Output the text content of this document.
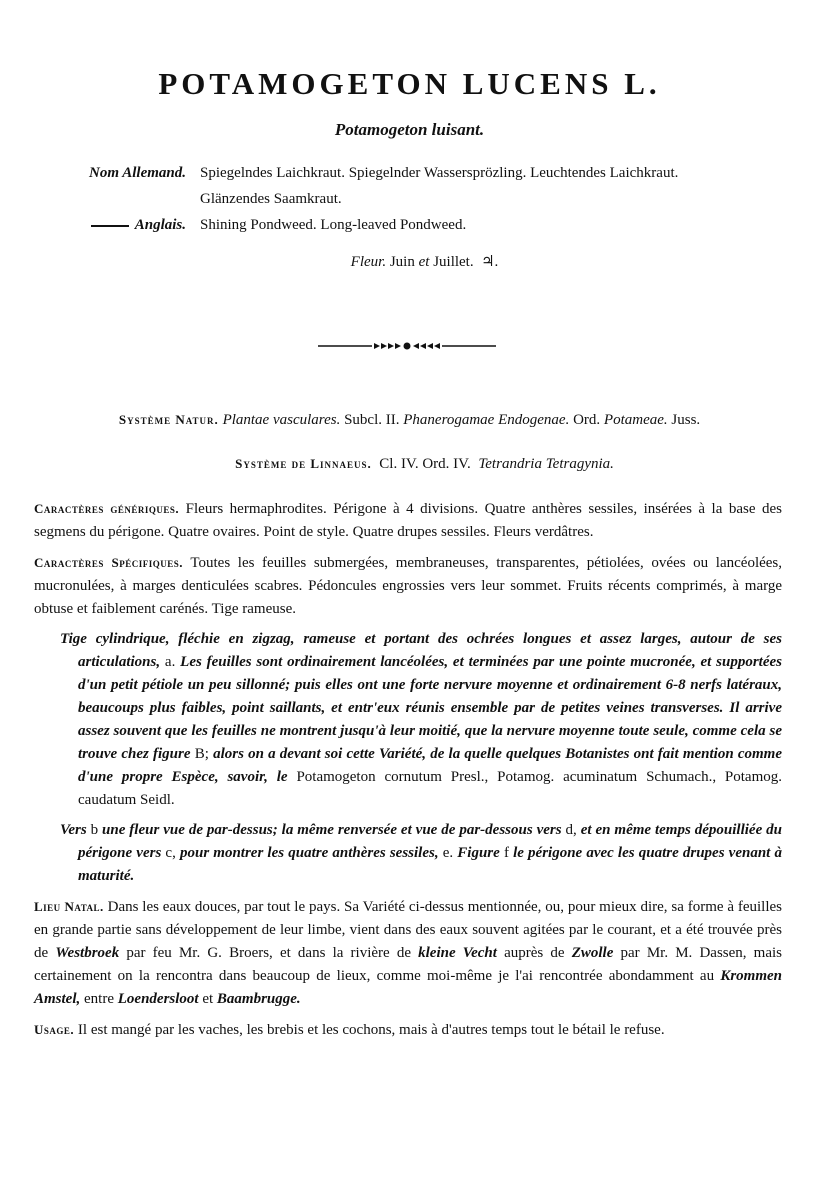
POTAMOGETON LUCENS L.
Potamogeton luisant.
Nom Allemand. Spiegelndes Laichkraut. Spiegelnder Wassersprözling. Leuchtendes Laichkraut.
Glänzendes Saamkraut.
Anglais. Shining Pondweed. Long-leaved Pondweed.
Fleur. Juin et Juillet. ♃.
Système Natur. Plantae vasculares. Subcl. II. Phanerogamae Endogenae. Ord. Potameae. Juss.
Système de Linnaeus. Cl. IV. Ord. IV. Tetrandria Tetragynia.

Caractères génériques. Fleurs hermaphrodites. Périgone à 4 divisions. Quatre anthères sessiles, insérées à la base des segmens du périgone. Quatre ovaires. Point de style. Quatre drupes sessiles. Fleurs verdâtres.

Caractères Spécifiques. Toutes les feuilles submergées, membraneuses, transparentes, pétiolées, ovées ou lancéolées, mucronulées, à marges denticulées scabres. Pédoncules engrossies vers leur sommet. Fruits récents comprimés, à marge obtuse et faiblement carénés. Tige rameuse.

Tige cylindrique, fléchie en zigzag, rameuse et portant des ochrées longues et assez larges, autour de ses articulations, a. Les feuilles sont ordinairement lancéolées, et terminées par une pointe mucronée, et supportées d'un petit pétiole un peu sillonné; puis elles ont une forte nervure moyenne et ordinairement 6-8 nerfs latéraux, beaucoups plus faibles, point saillants, et entr'eux réunis ensemble par de petites veines transverses. Il arrive assez souvent que les feuilles ne montrent jusqu'à leur moitié, que la nervure moyenne toute seule, comme cela se trouve chez figure B; alors on a devant soi cette Variété, de la quelle quelques Botanistes ont fait mention comme d'une propre Espèce, savoir, le Potamogeton cornutum Presl., Potamog. acuminatum Schumach., Potamog. caudatum Seidl.

Vers b une fleur vue de par-dessus; la même renversée et vue de par-dessous vers d, et en même temps dépouilliée du périgone vers c, pour montrer les quatre anthères sessiles, e. Figure f le périgone avec les quatre drupes venant à maturité.

Lieu Natal. Dans les eaux douces, par tout le pays. Sa Variété ci-dessus mentionnée, ou, pour mieux dire, sa forme à feuilles en grande partie sans développement de leur limbe, vient dans des eaux souvent agitées par le courant, et a été trouvée près de Westbroek par feu Mr. G. Broers, et dans la rivière de kleine Vecht auprès de Zwolle par Mr. M. Dassen, mais certainement on la rencontra dans beaucoup de lieux, comme moi-même je l'ai rencontrée abondamment au Krommen Amstel, entre Loendersloot et Baambrugge.

Usage. Il est mangé par les vaches, les brebis et les cochons, mais à d'autres temps tout le bétail le refuse.
